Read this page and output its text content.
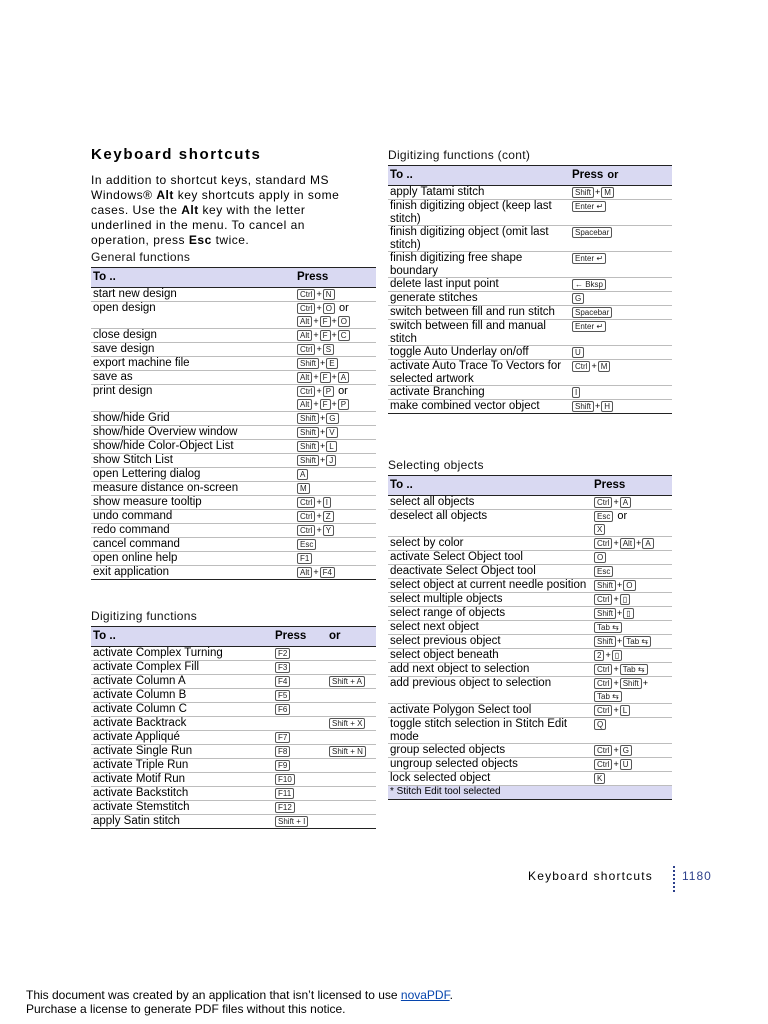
Keyboard shortcuts
In addition to shortcut keys, standard MS Windows® Alt key shortcuts apply in some cases. Use the Alt key with the letter underlined in the menu. To cancel an operation, press Esc twice.
General functions
To ..	Press
start new design	Ctrl + N
open design	Ctrl + O or
Alt + F + O
close design	Alt + F + C
save design	Ctrl + S
export machine file	Shift + E
save as	Alt + F + A
print design	Ctrl + P or
Alt + F + P
show/hide Grid	Shift + G
show/hide Overview window	Shift + V
show/hide Color-Object List	Shift + L
show Stitch List	Shift + J
open Lettering dialog	A
measure distance on-screen	M
show measure tooltip	Ctrl + I
undo command	Ctrl + Z
redo command	Ctrl + Y
cancel command	Esc
open online help	F1
exit application	Alt + F4
Digitizing functions
To ..	Press	or
activate Complex Turning	F2	
activate Complex Fill	F3	
activate Column A	F4	Shift + A
activate Column B	F5	
activate Column C	F6	
activate Backtrack		Shift + X
activate Appliqué	F7	
activate Single Run	F8	Shift + N
activate Triple Run	F9	
activate Motif Run	F10	
activate Backstitch	F11	
activate Stemstitch	F12	
apply Satin stitch	Shift + I	
Digitizing functions (cont)
To ..	Press or
apply Tatami stitch	Shift + M
finish digitizing object (keep last stitch)	Enter ↵
finish digitizing object (omit last stitch)	Spacebar
finish digitizing free shape boundary	Enter ↵
delete last input point	← Bksp
generate stitches	G
switch between fill and run stitch	Spacebar
switch between fill and manual stitch	Enter ↵
toggle Auto Underlay on/off	U
activate Auto Trace To Vectors for selected artwork	Ctrl + M
activate Branching	I
make combined vector object	Shift + H
Selecting objects
To ..	Press
select all objects	Ctrl + A
deselect all objects	Esc or
X
select by color	Ctrl + Alt + A
activate Select Object tool	O
deactivate Select Object tool	Esc
select object at current needle position	Shift + O
select multiple objects	Ctrl + ▯
select range of objects	Shift + ▯
select next object	Tab ⇆
select previous object	Shift + Tab ⇆
select object beneath	2 + ▯
add next object to selection	Ctrl + Tab ⇆
add previous object to selection	Ctrl + Shift +Tab ⇆
activate Polygon Select tool	Ctrl + L
toggle stitch selection in Stitch Edit mode	Q
group selected objects	Ctrl + G
ungroup selected objects	Ctrl + U
lock selected object	K
* Stitch Edit tool selected	
Keyboard shortcuts 1180
This document was created by an application that isn’t licensed to use novaPDF.
Purchase a license to generate PDF files without this notice.
